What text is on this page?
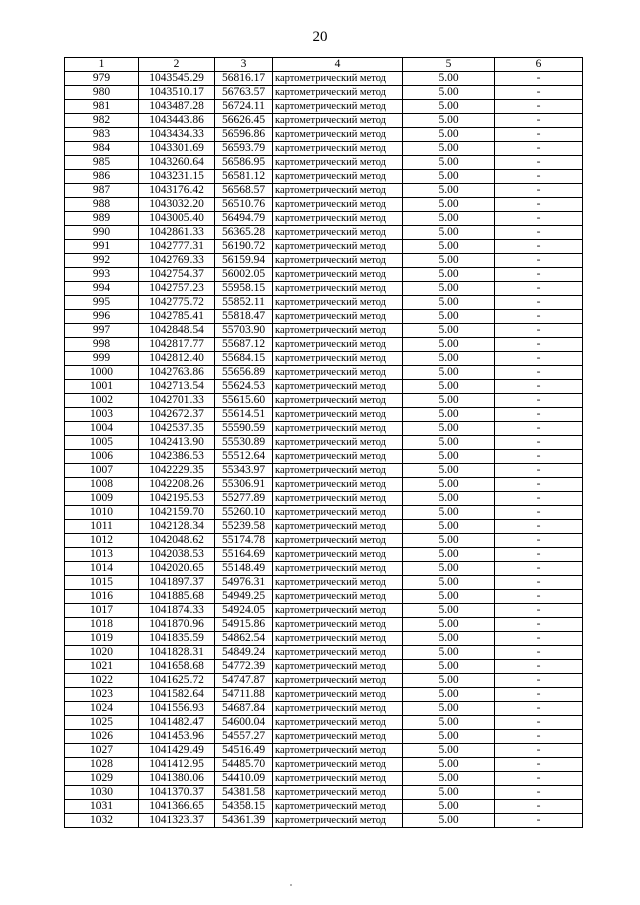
20
1	2	3	4	5	6
979	1043545.29	56816.17	картометрический метод	5.00	-
980	1043510.17	56763.57	картометрический метод	5.00	-
981	1043487.28	56724.11	картометрический метод	5.00	-
982	1043443.86	56626.45	картометрический метод	5.00	-
983	1043434.33	56596.86	картометрический метод	5.00	-
984	1043301.69	56593.79	картометрический метод	5.00	-
985	1043260.64	56586.95	картометрический метод	5.00	-
986	1043231.15	56581.12	картометрический метод	5.00	-
987	1043176.42	56568.57	картометрический метод	5.00	-
988	1043032.20	56510.76	картометрический метод	5.00	-
989	1043005.40	56494.79	картометрический метод	5.00	-
990	1042861.33	56365.28	картометрический метод	5.00	-
991	1042777.31	56190.72	картометрический метод	5.00	-
992	1042769.33	56159.94	картометрический метод	5.00	-
993	1042754.37	56002.05	картометрический метод	5.00	-
994	1042757.23	55958.15	картометрический метод	5.00	-
995	1042775.72	55852.11	картометрический метод	5.00	-
996	1042785.41	55818.47	картометрический метод	5.00	-
997	1042848.54	55703.90	картометрический метод	5.00	-
998	1042817.77	55687.12	картометрический метод	5.00	-
999	1042812.40	55684.15	картометрический метод	5.00	-
1000	1042763.86	55656.89	картометрический метод	5.00	-
1001	1042713.54	55624.53	картометрический метод	5.00	-
1002	1042701.33	55615.60	картометрический метод	5.00	-
1003	1042672.37	55614.51	картометрический метод	5.00	-
1004	1042537.35	55590.59	картометрический метод	5.00	-
1005	1042413.90	55530.89	картометрический метод	5.00	-
1006	1042386.53	55512.64	картометрический метод	5.00	-
1007	1042229.35	55343.97	картометрический метод	5.00	-
1008	1042208.26	55306.91	картометрический метод	5.00	-
1009	1042195.53	55277.89	картометрический метод	5.00	-
1010	1042159.70	55260.10	картометрический метод	5.00	-
1011	1042128.34	55239.58	картометрический метод	5.00	-
1012	1042048.62	55174.78	картометрический метод	5.00	-
1013	1042038.53	55164.69	картометрический метод	5.00	-
1014	1042020.65	55148.49	картометрический метод	5.00	-
1015	1041897.37	54976.31	картометрический метод	5.00	-
1016	1041885.68	54949.25	картометрический метод	5.00	-
1017	1041874.33	54924.05	картометрический метод	5.00	-
1018	1041870.96	54915.86	картометрический метод	5.00	-
1019	1041835.59	54862.54	картометрический метод	5.00	-
1020	1041828.31	54849.24	картометрический метод	5.00	-
1021	1041658.68	54772.39	картометрический метод	5.00	-
1022	1041625.72	54747.87	картометрический метод	5.00	-
1023	1041582.64	54711.88	картометрический метод	5.00	-
1024	1041556.93	54687.84	картометрический метод	5.00	-
1025	1041482.47	54600.04	картометрический метод	5.00	-
1026	1041453.96	54557.27	картометрический метод	5.00	-
1027	1041429.49	54516.49	картометрический метод	5.00	-
1028	1041412.95	54485.70	картометрический метод	5.00	-
1029	1041380.06	54410.09	картометрический метод	5.00	-
1030	1041370.37	54381.58	картометрический метод	5.00	-
1031	1041366.65	54358.15	картометрический метод	5.00	-
1032	1041323.37	54361.39	картометрический метод	5.00	-
